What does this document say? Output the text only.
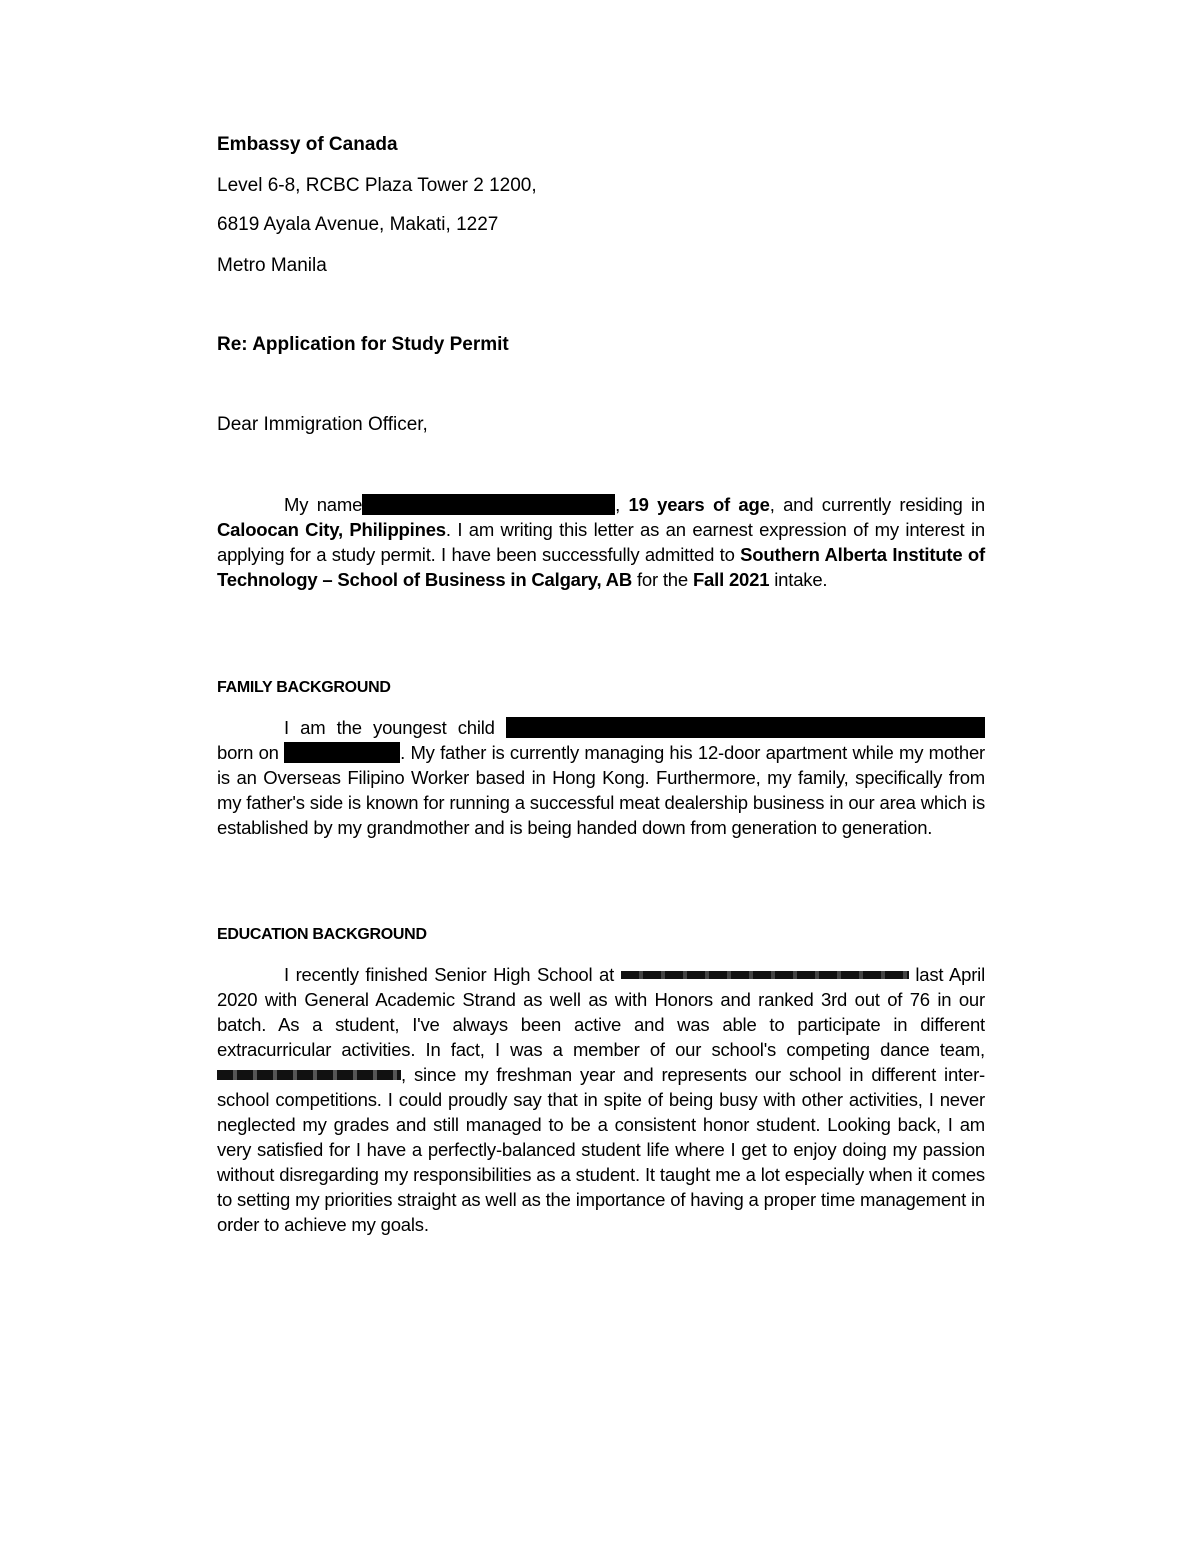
Embassy of Canada
Level 6-8, RCBC Plaza Tower 2 1200,
6819 Ayala Avenue, Makati, 1227
Metro Manila
Re: Application for Study Permit
Dear Immigration Officer,
My name	, 19 years of age, and currently residing in Caloocan City, Philippines. I am writing this letter as an earnest expression of my interest in applying for a study permit. I have been successfully admitted to Southern Alberta Institute of Technology – School of Business in Calgary, AB for the Fall 2021 intake.
FAMILY BACKGROUND
I am the youngest child  born on	. My father is currently managing his 12-door apartment while my mother is an Overseas Filipino Worker based in Hong Kong. Furthermore, my family, specifically from my father's side is known for running a successful meat dealership business in our area which is established by my grandmother and is being handed down from generation to generation.
EDUCATION BACKGROUND
I recently finished Senior High School at	last April 2020 with General Academic Strand as well as with Honors and ranked 3rd out of 76 in our batch. As a student, I've always been active and was able to participate in different extracurricular activities. In fact, I was a member of our school's competing dance team, , since my freshman year and represents our school in different inter-school competitions. I could proudly say that in spite of being busy with other activities, I never neglected my grades and still managed to be a consistent honor student. Looking back, I am very satisfied for I have a perfectly-balanced student life where I get to enjoy doing my passion without disregarding my responsibilities as a student. It taught me a lot especially when it comes to setting my priorities straight as well as the importance of having a proper time management in order to achieve my goals.
